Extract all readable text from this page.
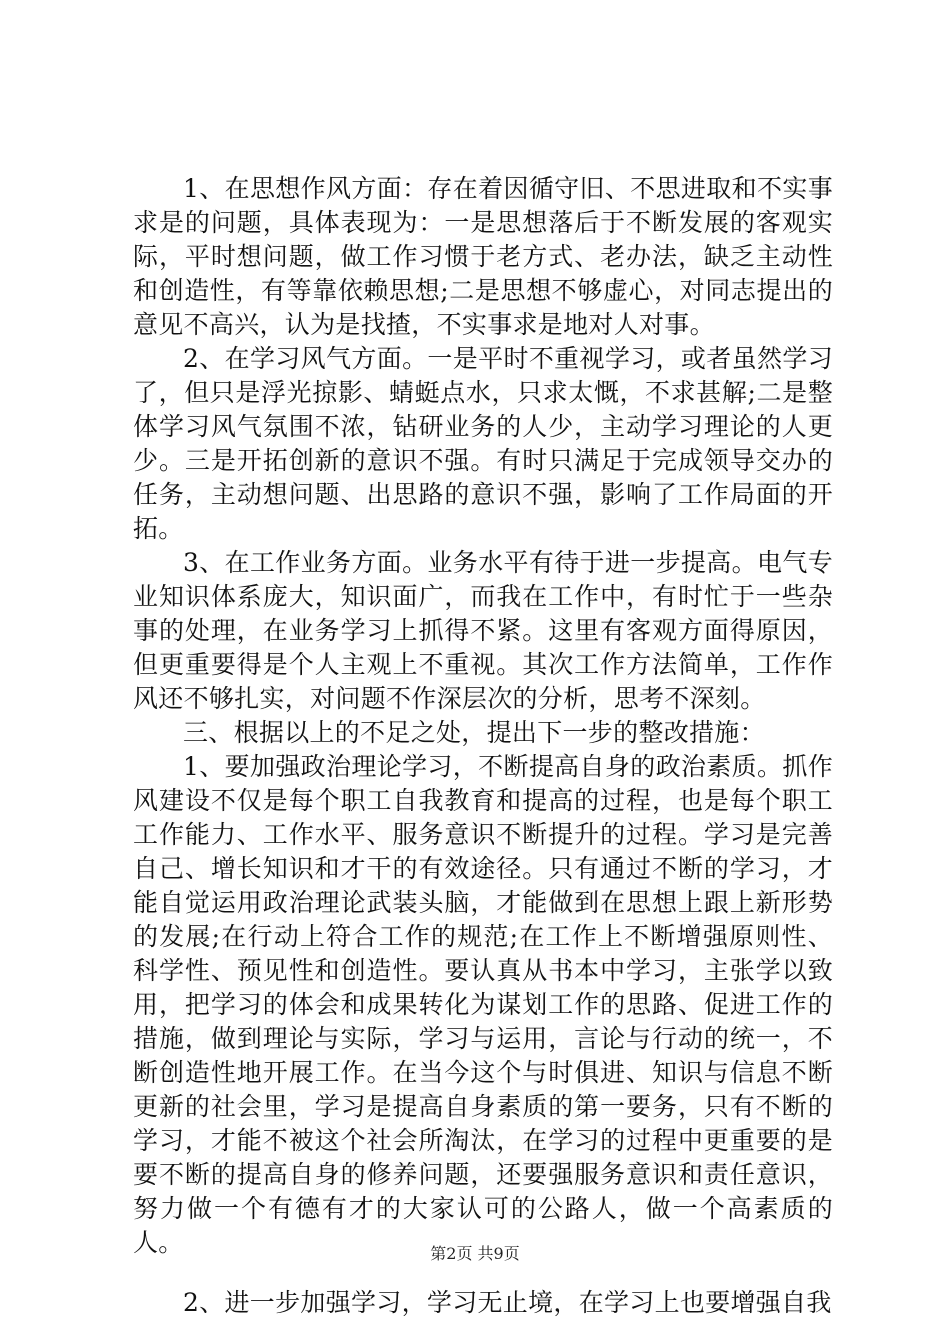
1、在思想作风方面：存在着因循守旧、不思进取和不实事求是的问题，具体表现为：一是思想落后于不断发展的客观实际，平时想问题，做工作习惯于老方式、老办法，缺乏主动性和创造性，有等靠依赖思想;二是思想不够虚心，对同志提出的意见不高兴，认为是找揸，不实事求是地对人对事。

2、在学习风气方面。一是平时不重视学习，或者虽然学习了，但只是浮光掠影、蜻蜓点水，只求太慨，不求甚解;二是整体学习风气氛围不浓，钻研业务的人少，主动学习理论的人更少。三是开拓创新的意识不强。有时只满足于完成领导交办的任务，主动想问题、出思路的意识不强，影响了工作局面的开拓。

3、在工作业务方面。业务水平有待于进一步提高。电气专业知识体系庞大，知识面广，而我在工作中，有时忙于一些杂事的处理，在业务学习上抓得不紧。这里有客观方面得原因，但更重要得是个人主观上不重视。其次工作方法简单，工作作风还不够扎实，对问题不作深层次的分析，思考不深刻。

三、根据以上的不足之处，提出下一步的整改措施：

1、要加强政治理论学习，不断提高自身的政治素质。抓作风建设不仅是每个职工自我教育和提高的过程，也是每个职工工作能力、工作水平、服务意识不断提升的过程。学习是完善自己、增长知识和才干的有效途径。只有通过不断的学习，才能自觉运用政治理论武装头脑，才能做到在思想上跟上新形势的发展;在行动上符合工作的规范;在工作上不断增强原则性、科学性、预见性和创造性。要认真从书本中学习，主张学以致用，把学习的体会和成果转化为谋划工作的思路、促进工作的措施，做到理论与实际，学习与运用，言论与行动的统一，不断创造性地开展工作。在当今这个与时俱进、知识与信息不断更新的社会里，学习是提高自身素质的第一要务，只有不断的学习，才能不被这个社会所淘汰，在学习的过程中更重要的是要不断的提高自身的修养问题，还要强服务意识和责任意识，努力做一个有德有才的大家认可的公路人，做一个高素质的人。

2、进一步加强学习，学习无止境，在学习上也要增强自我

第2页 共9页
